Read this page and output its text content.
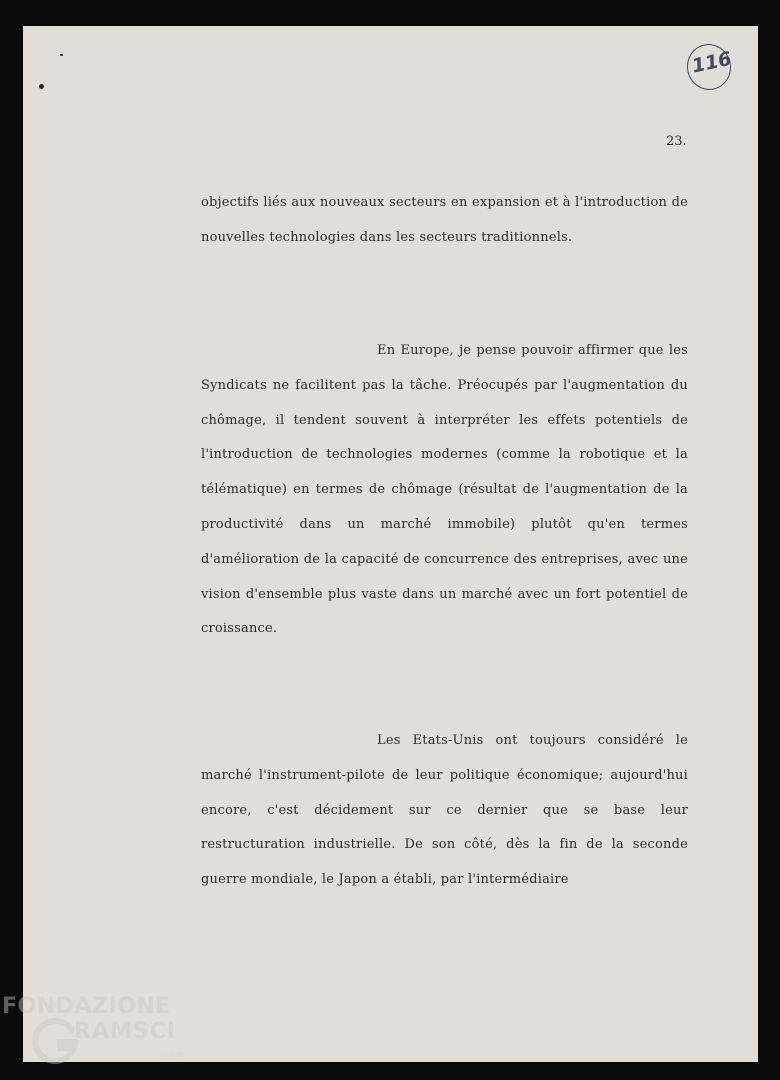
116
23.

objectifs liés aux nouveaux secteurs en expansion et à l'introduction de nouvelles technologies dans les secteurs traditionnels.

En Europe, je pense pouvoir affirmer que les Syndicats ne facilitent pas la tâche. Préocupés par l'augmentation du chômage, il tendent souvent à interpréter les effets potentiels de l'introduction de technologies modernes (comme la robotique et la télématique) en termes de chômage (résultat de l'augmentation de la productivité dans un marché immobile) plutôt qu'en termes d'amélioration de la capacité de concurrence des entreprises, avec une vision d'ensemble plus vaste dans un marché avec un fort potentiel de croissance.

Les Etats-Unis ont toujours considéré le marché l'instrument-pilote de leur politique économique; aujourd'hui encore, c'est décidement sur ce dernier que se base leur restructuration industrielle. De son côté, dès la fin de la seconde guerre mondiale, le Japon a établi, par l'intermédiaire

FONDAZIONE
RAMSCI
onlus
